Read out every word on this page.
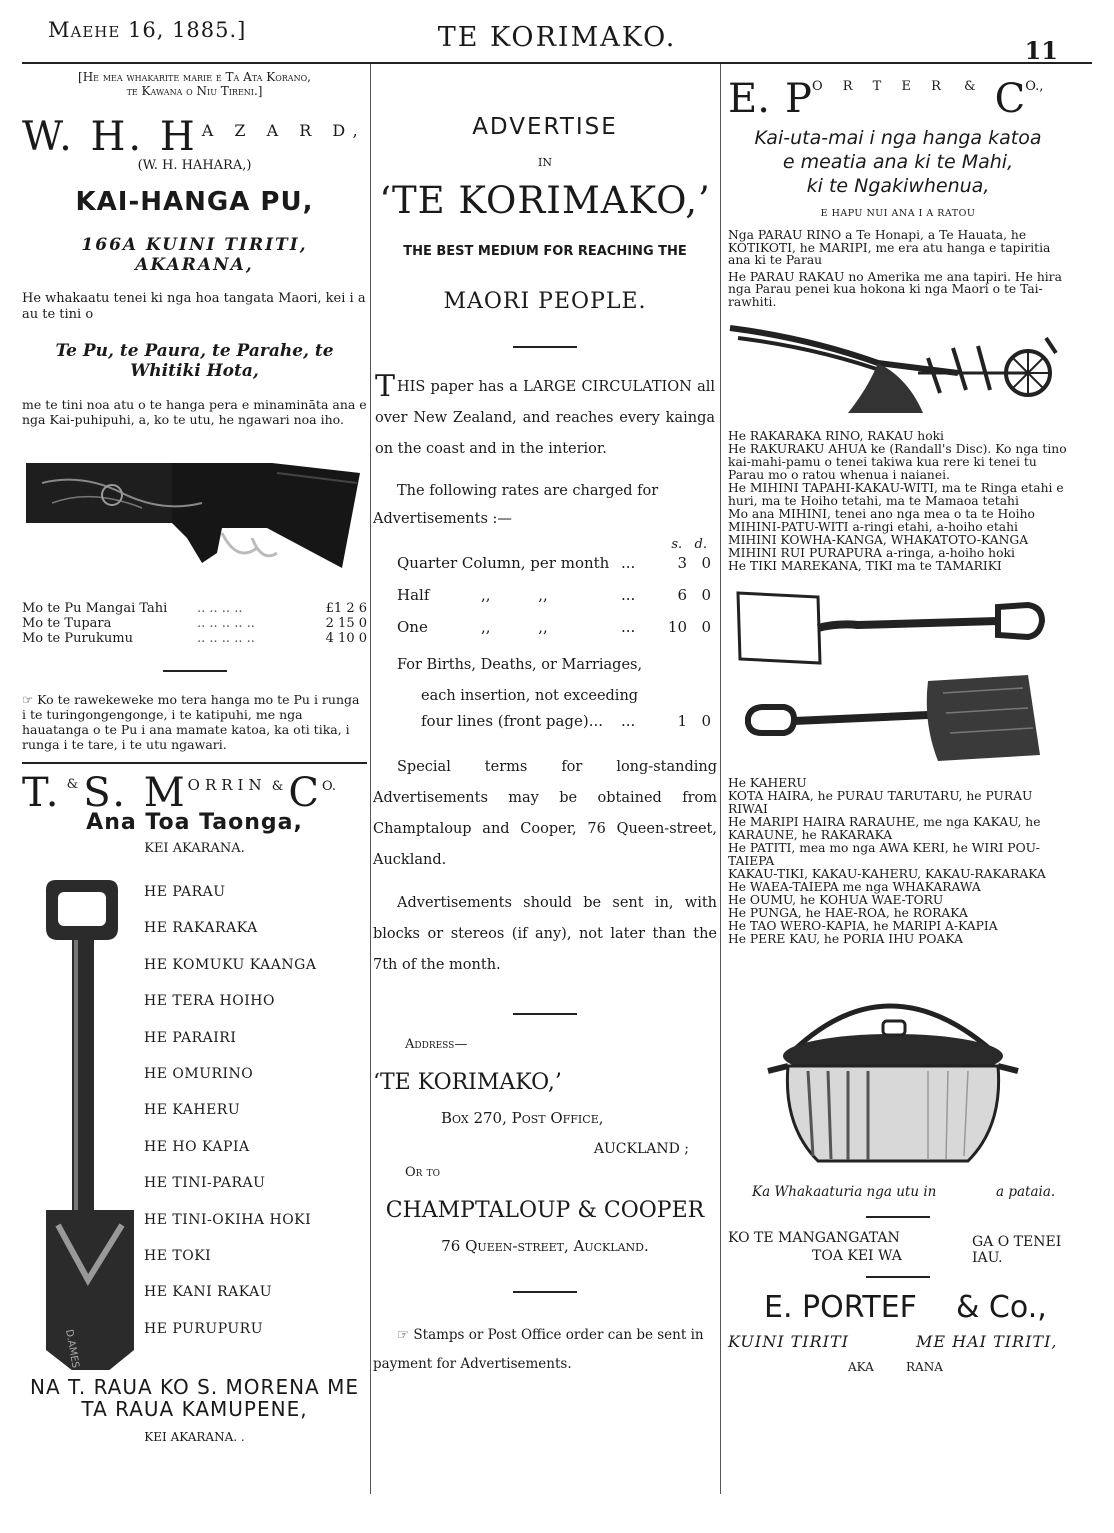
Maehe 16, 1885.]	TE KORIMAKO.	11
[He mea whakarite marie e Ta Ata Korano,
te Kawana o Niu Tireni.]
W. H. H A Z A R D,
(W. H. HAHARA,)
KAI-HANGA PU,
166A KUINI TIRITI, AKARANA,

He whakaatu tenei ki nga hoa tangata Maori, kei i a au te tini o

Te Pu, te Paura, te Parahe, te Whitiki Hota,

me te tini noa atu o te hanga pera e minamināta ana e nga Kai-puhipuhi, a, ko te utu, he ngawari noa iho.

Mo te Pu Mangai Tahi	.. .. .. ..	£1 2 6
Mo te Tupara	.. .. .. .. ..	2 15 0
Mo te Purukumu	.. .. .. .. ..	4 10 0

☞ Ko te rawekeweke mo tera hanga mo te Pu i runga i te turingongengonge, i te katipuhi, me nga hauatanga o te Pu i ana mamate katoa, ka oti tika, i runga i te tare, i te utu ngawari.

T. & S. MORRIN & $C^{O.}$
Ana Toa Taonga,
KEI AKARANA.
D.AMES
HE PARAU
HE RAKARAKA
HE KOMUKU KAANGA
HE TERA HOIHO
HE PARAIRI
HE OMURINO
HE KAHERU
HE HO KAPIA
HE TINI-PARAU
HE TINI-OKIHA HOKI
HE TOKI
HE KANI RAKAU
HE PURUPURU
NA T. RAUA KO S. MORENA ME
TA RAUA KAMUPENE,
KEI AKARANA. .
ADVERTISE
IN
‘TE KORIMAKO,’
THE BEST MEDIUM FOR REACHING THE
MAORI PEOPLE.

THIS paper has a LARGE CIRCULATION all over New Zealand, and reaches every kainga on the coast and in the interior.

The following rates are charged for Advertisements :—

s.   d.
Quarter Column, per month ...	3 0
Half	,,          ,,	...	6 0
One	,,          ,,	...	10 0
For Births, Deaths, or Marriages,
each insertion, not exceeding
four lines (front page)...	...	1 0

Special terms for long-standing Advertisements may be obtained from Champtaloup and Cooper, 76 Queen-street, Auckland.

Advertisements should be sent in, with blocks or stereos (if any), not later than the 7th of the month.

Address—
‘TE KORIMAKO,’
Box 270, Post Office,
AUCKLAND ;
Or to
CHAMPTALOUP & COOPER
76 Queen-street, Auckland.

☞ Stamps or Post Office order can be sent in payment for Advertisements.

E. $P^{O R T E R}$ & $C^{O.,}$
Kai-uta-mai i nga hanga katoa
e meatia ana ki te Mahi,
ki te Ngakiwhenua,
E HAPU NUI ANA I A RATOU

Nga PARAU RINO a Te Honapi, a Te Hauata, he KOTIKOTI, he MARIPI, me era atu hanga e tapiritia ana ki te Parau

He PARAU RAKAU no Amerika me ana tapiri. He hira nga Parau penei kua hokona ki nga Maori o te Tai-rawhiti.

He RAKARAKA RINO, RAKAU hoki
He RAKURAKU AHUA ke (Randall's Disc). Ko nga tino kai-mahi-pamu o tenei takiwa kua rere ki tenei tu Parau mo o ratou whenua i naianei.
He MIHINI TAPAHI-KAKAU-WITI, ma te Ringa etahi e huri, ma te Hoiho tetahi, ma te Mamaoa tetahi
Mo ana MIHINI, tenei ano nga mea o ta te Hoiho
MIHINI-PATU-WITI a-ringi etahi, a-hoiho etahi
MIHINI KOWHA-KANGA, WHAKATOTO-KANGA
MIHINI RUI PURAPURA a-ringa, a-hoiho hoki
He TIKI MAREKANA, TIKI ma te TAMARIKI
He KAHERU
KOTA HAIRA, he PURAU TARUTARU, he PURAU RIWAI
He MARIPI HAIRA RARAUHE, me nga KAKAU, he KARAUNE, he RAKARAKA
He PATITI, mea mo nga AWA KERI, he WIRI POU-TAIEPA
KAKAU-TIKI, KAKAU-KAHERU, KAKAU-RAKARAKA
He WAEA-TAIEPA me nga WHAKARAWA
He OUMU, he KOHUA WAE-TORU
He PUNGA, he HAE-ROA, he RORAKA
He TAO WERO-KAPIA, he MARIPI A-KAPIA
He PERE KAU, he PORIA IHU POAKA
Ka Whakaaturia nga utu in	a pataia.
KO TE MANGANGATAN	GA O TENEI
TOA KEI WA	IAU.
E. PORTEF & Co.,
KUINI TIRITI	ME HAI TIRITI,
AKA	RANA
